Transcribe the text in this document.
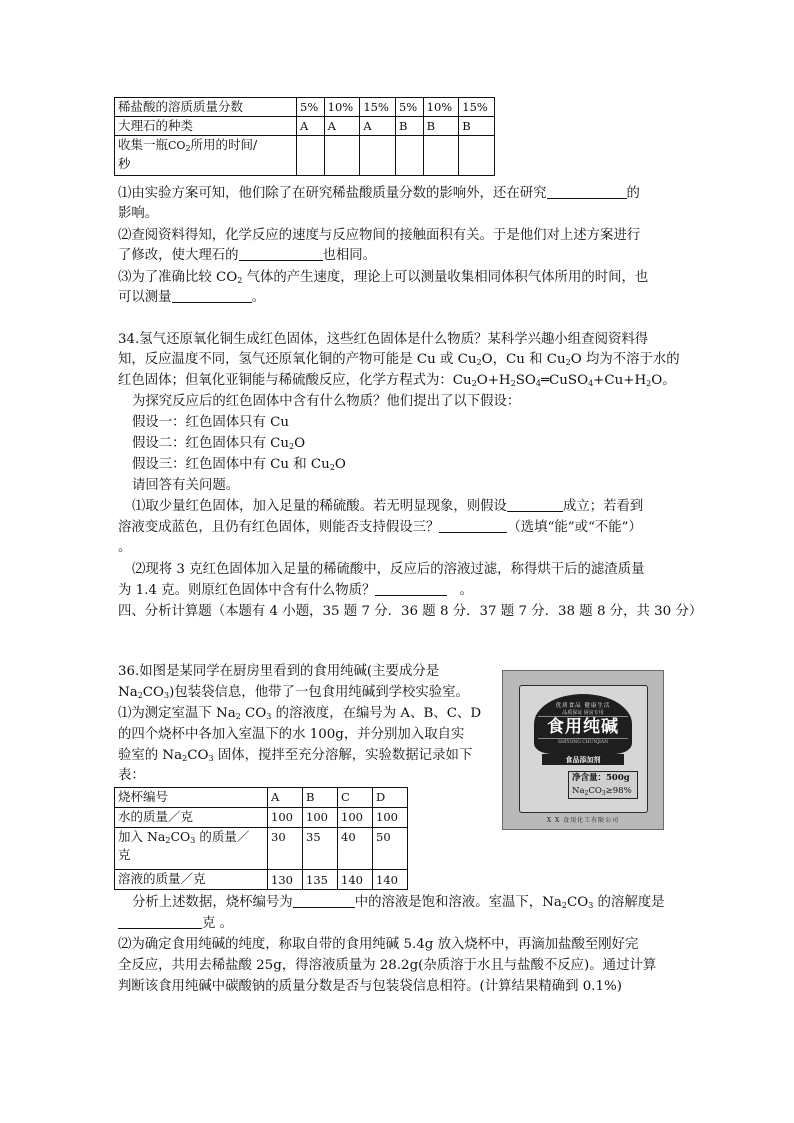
稀盐酸的溶质质量分数	5%	10%	15%	5%	10%	15%
大理石的种类	A	A	A	B	B	B
收集一瓶$CO_2$所用的时间/
秒						
⑴由实验方案可知，他们除了在研究稀盐酸质量分数的影响外，还在研究	的
影响。
⑵查阅资料得知，化学反应的速度与反应物间的接触面积有关。于是他们对上述方案进行
了修改，使大理石的	也相同。
⑶为了准确比较 $CO_2$ 气体的产生速度，理论上可以测量收集相同体积气体所用的时间，也
可以测量	。
34.氢气还原氧化铜生成红色固体，这些红色固体是什么物质？某科学兴趣小组查阅资料得
知，反应温度不同，氢气还原氧化铜的产物可能是 Cu 或 $Cu_2O$，Cu 和 $Cu_2O$ 均为不溶于水的
红色固体；但氧化亚铜能与稀硫酸反应，化学方程式为：$Cu_2O+H_2SO_4═CuSO_4+Cu+H_2O$。
为探究反应后的红色固体中含有什么物质？他们提出了以下假设：
假设一：红色固体只有 Cu
假设二：红色固体只有 $Cu_2O$
假设三：红色固体中有 Cu 和 $Cu_2O$
请回答有关问题。
⑴取少量红色固体，加入足量的稀硫酸。若无明显现象，则假设	成立；若看到
溶液变成蓝色，且仍有红色固体，则能否支持假设三？	（选填“能”或“不能”）
。
⑵现将 3 克红色固体加入足量的稀硫酸中，反应后的溶液过滤，称得烘干后的滤渣质量
为 1.4 克。则原红色固体中含有什么物质？	。
四、分析计算题（本题有 4 小题，35 题 7 分．36 题 8 分．37 题 7 分．38 题 8 分，共 30 分）
36.如图是某同学在厨房里看到的食用纯碱(主要成分是
$Na_2CO_3$)包装袋信息，他带了一包食用纯碱到学校实验室。
⑴为测定室温下 $Na_2$ $CO_3$ 的溶液度，在编号为 A、B、C、D
的四个烧杯中各加入室温下的水 100g，并分别加入取自实
验室的 $Na_2CO_3$ 固体，搅拌至充分溶解，实验数据记录如下
表：
烧杯编号	A	B	C	D
水的质量／克	100	100	100	100
加入 $Na_2CO_3$ 的质量／
克	30	35	40	50
溶液的质量／克	130	135	140	140
优质食品 健康生活
品质保证 厨房专用
食用纯碱
SHIYONG CHUNJIAN
食品添加剂
净含量：500g
$Na_2CO_3\ge 98\%$
X X 食用化工有限公司
分析上述数据，烧杯编号为	中的溶液是饱和溶液。室温下，$Na_2CO_3$ 的溶解度是
克 。
⑵为确定食用纯碱的纯度，称取自带的食用纯碱 5.4g 放入烧杯中，再滴加盐酸至刚好完
全反应，共用去稀盐酸 25g，得溶液质量为 28.2g(杂质溶于水且与盐酸不反应)。通过计算
判断该食用纯碱中碳酸钠的质量分数是否与包装袋信息相符。(计算结果精确到 0.1%)
